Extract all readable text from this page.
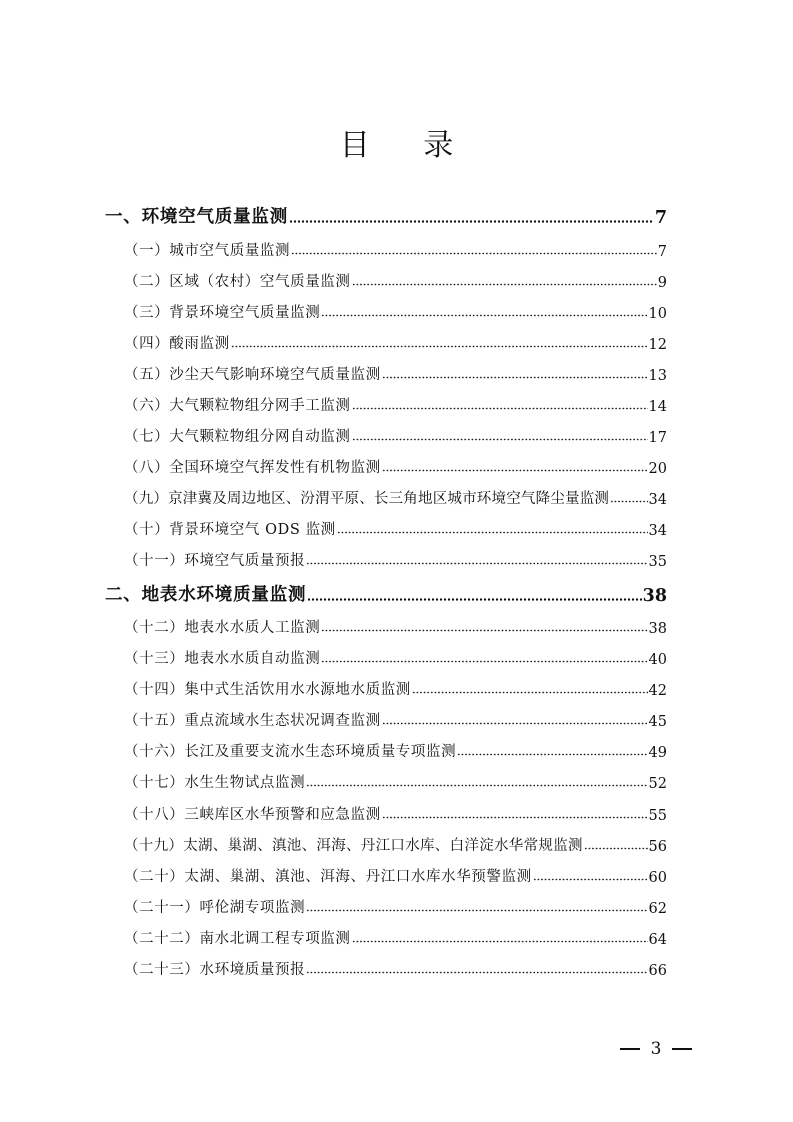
目 录
一、环境空气质量监测	7
（一）城市空气质量监测	7
（二）区域（农村）空气质量监测	9
（三）背景环境空气质量监测	10
（四）酸雨监测	12
（五）沙尘天气影响环境空气质量监测	13
（六）大气颗粒物组分网手工监测	14
（七）大气颗粒物组分网自动监测	17
（八）全国环境空气挥发性有机物监测	20
（九）京津冀及周边地区、汾渭平原、长三角地区城市环境空气降尘量监测	34
（十）背景环境空气 ODS 监测	34
（十一）环境空气质量预报	35
二、地表水环境质量监测	38
（十二）地表水水质人工监测	38
（十三）地表水水质自动监测	40
（十四）集中式生活饮用水水源地水质监测	42
（十五）重点流域水生态状况调查监测	45
（十六）长江及重要支流水生态环境质量专项监测	49
（十七）水生生物试点监测	52
（十八）三峡库区水华预警和应急监测	55
（十九）太湖、巢湖、滇池、洱海、丹江口水库、白洋淀水华常规监测	56
（二十）太湖、巢湖、滇池、洱海、丹江口水库水华预警监测	60
（二十一）呼伦湖专项监测	62
（二十二）南水北调工程专项监测	64
（二十三）水环境质量预报	66
3
